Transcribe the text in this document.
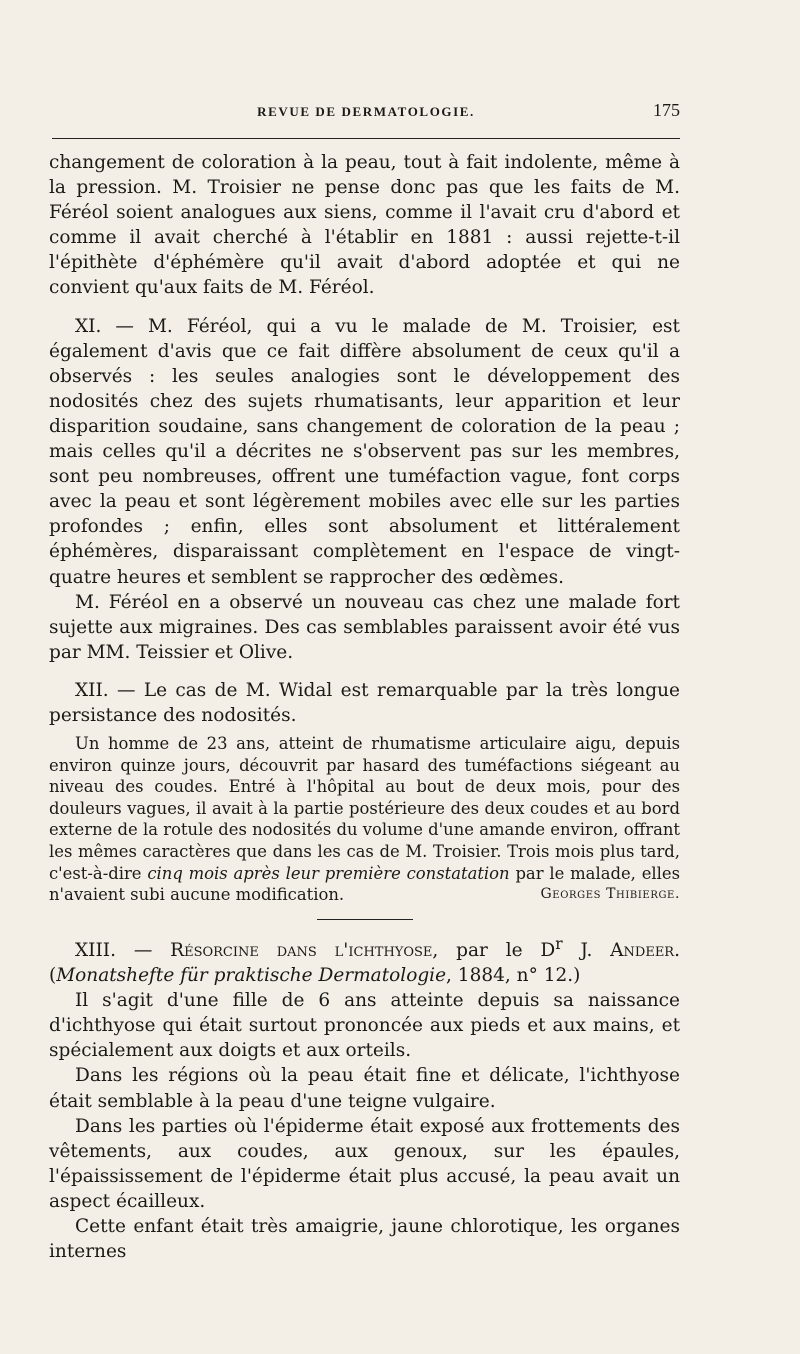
REVUE DE DERMATOLOGIE.	175

changement de coloration à la peau, tout à fait indolente, même à la pression. M. Troisier ne pense donc pas que les faits de M. Féréol soient analogues aux siens, comme il l'avait cru d'abord et comme il avait cherché à l'établir en 1881 : aussi rejette-t-il l'épithète d'éphémère qu'il avait d'abord adoptée et qui ne convient qu'aux faits de M. Féréol.

XI. — M. Féréol, qui a vu le malade de M. Troisier, est également d'avis que ce fait diffère absolument de ceux qu'il a observés : les seules analogies sont le développement des nodosités chez des sujets rhumatisants, leur apparition et leur disparition soudaine, sans changement de coloration de la peau ; mais celles qu'il a décrites ne s'observent pas sur les membres, sont peu nombreuses, offrent une tuméfaction vague, font corps avec la peau et sont légèrement mobiles avec elle sur les parties profondes ; enfin, elles sont absolument et littéralement éphémères, disparaissant complètement en l'espace de vingt-quatre heures et semblent se rapprocher des œdèmes.

M. Féréol en a observé un nouveau cas chez une malade fort sujette aux migraines. Des cas semblables paraissent avoir été vus par MM. Teissier et Olive.

XII. — Le cas de M. Widal est remarquable par la très longue persistance des nodosités.

Un homme de 23 ans, atteint de rhumatisme articulaire aigu, depuis environ quinze jours, découvrit par hasard des tuméfactions siégeant au niveau des coudes. Entré à l'hôpital au bout de deux mois, pour des douleurs vagues, il avait à la partie postérieure des deux coudes et au bord externe de la rotule des nodosités du volume d'une amande environ, offrant les mêmes caractères que dans les cas de M. Troisier. Trois mois plus tard, c'est-à-dire cinq mois après leur première constatation par le malade, elles n'avaient subi aucune modification.	Georges Thibierge.

XIII. — Résorcine dans l'ichthyose, par le $D^r$ J. Andeer. (Monatshefte für praktische Dermatologie, 1884, n° 12.)

Il s'agit d'une fille de 6 ans atteinte depuis sa naissance d'ichthyose qui était surtout prononcée aux pieds et aux mains, et spécialement aux doigts et aux orteils.

Dans les régions où la peau était fine et délicate, l'ichthyose était semblable à la peau d'une teigne vulgaire.

Dans les parties où l'épiderme était exposé aux frottements des vêtements, aux coudes, aux genoux, sur les épaules, l'épaississement de l'épiderme était plus accusé, la peau avait un aspect écailleux.

Cette enfant était très amaigrie, jaune chlorotique, les organes internes
